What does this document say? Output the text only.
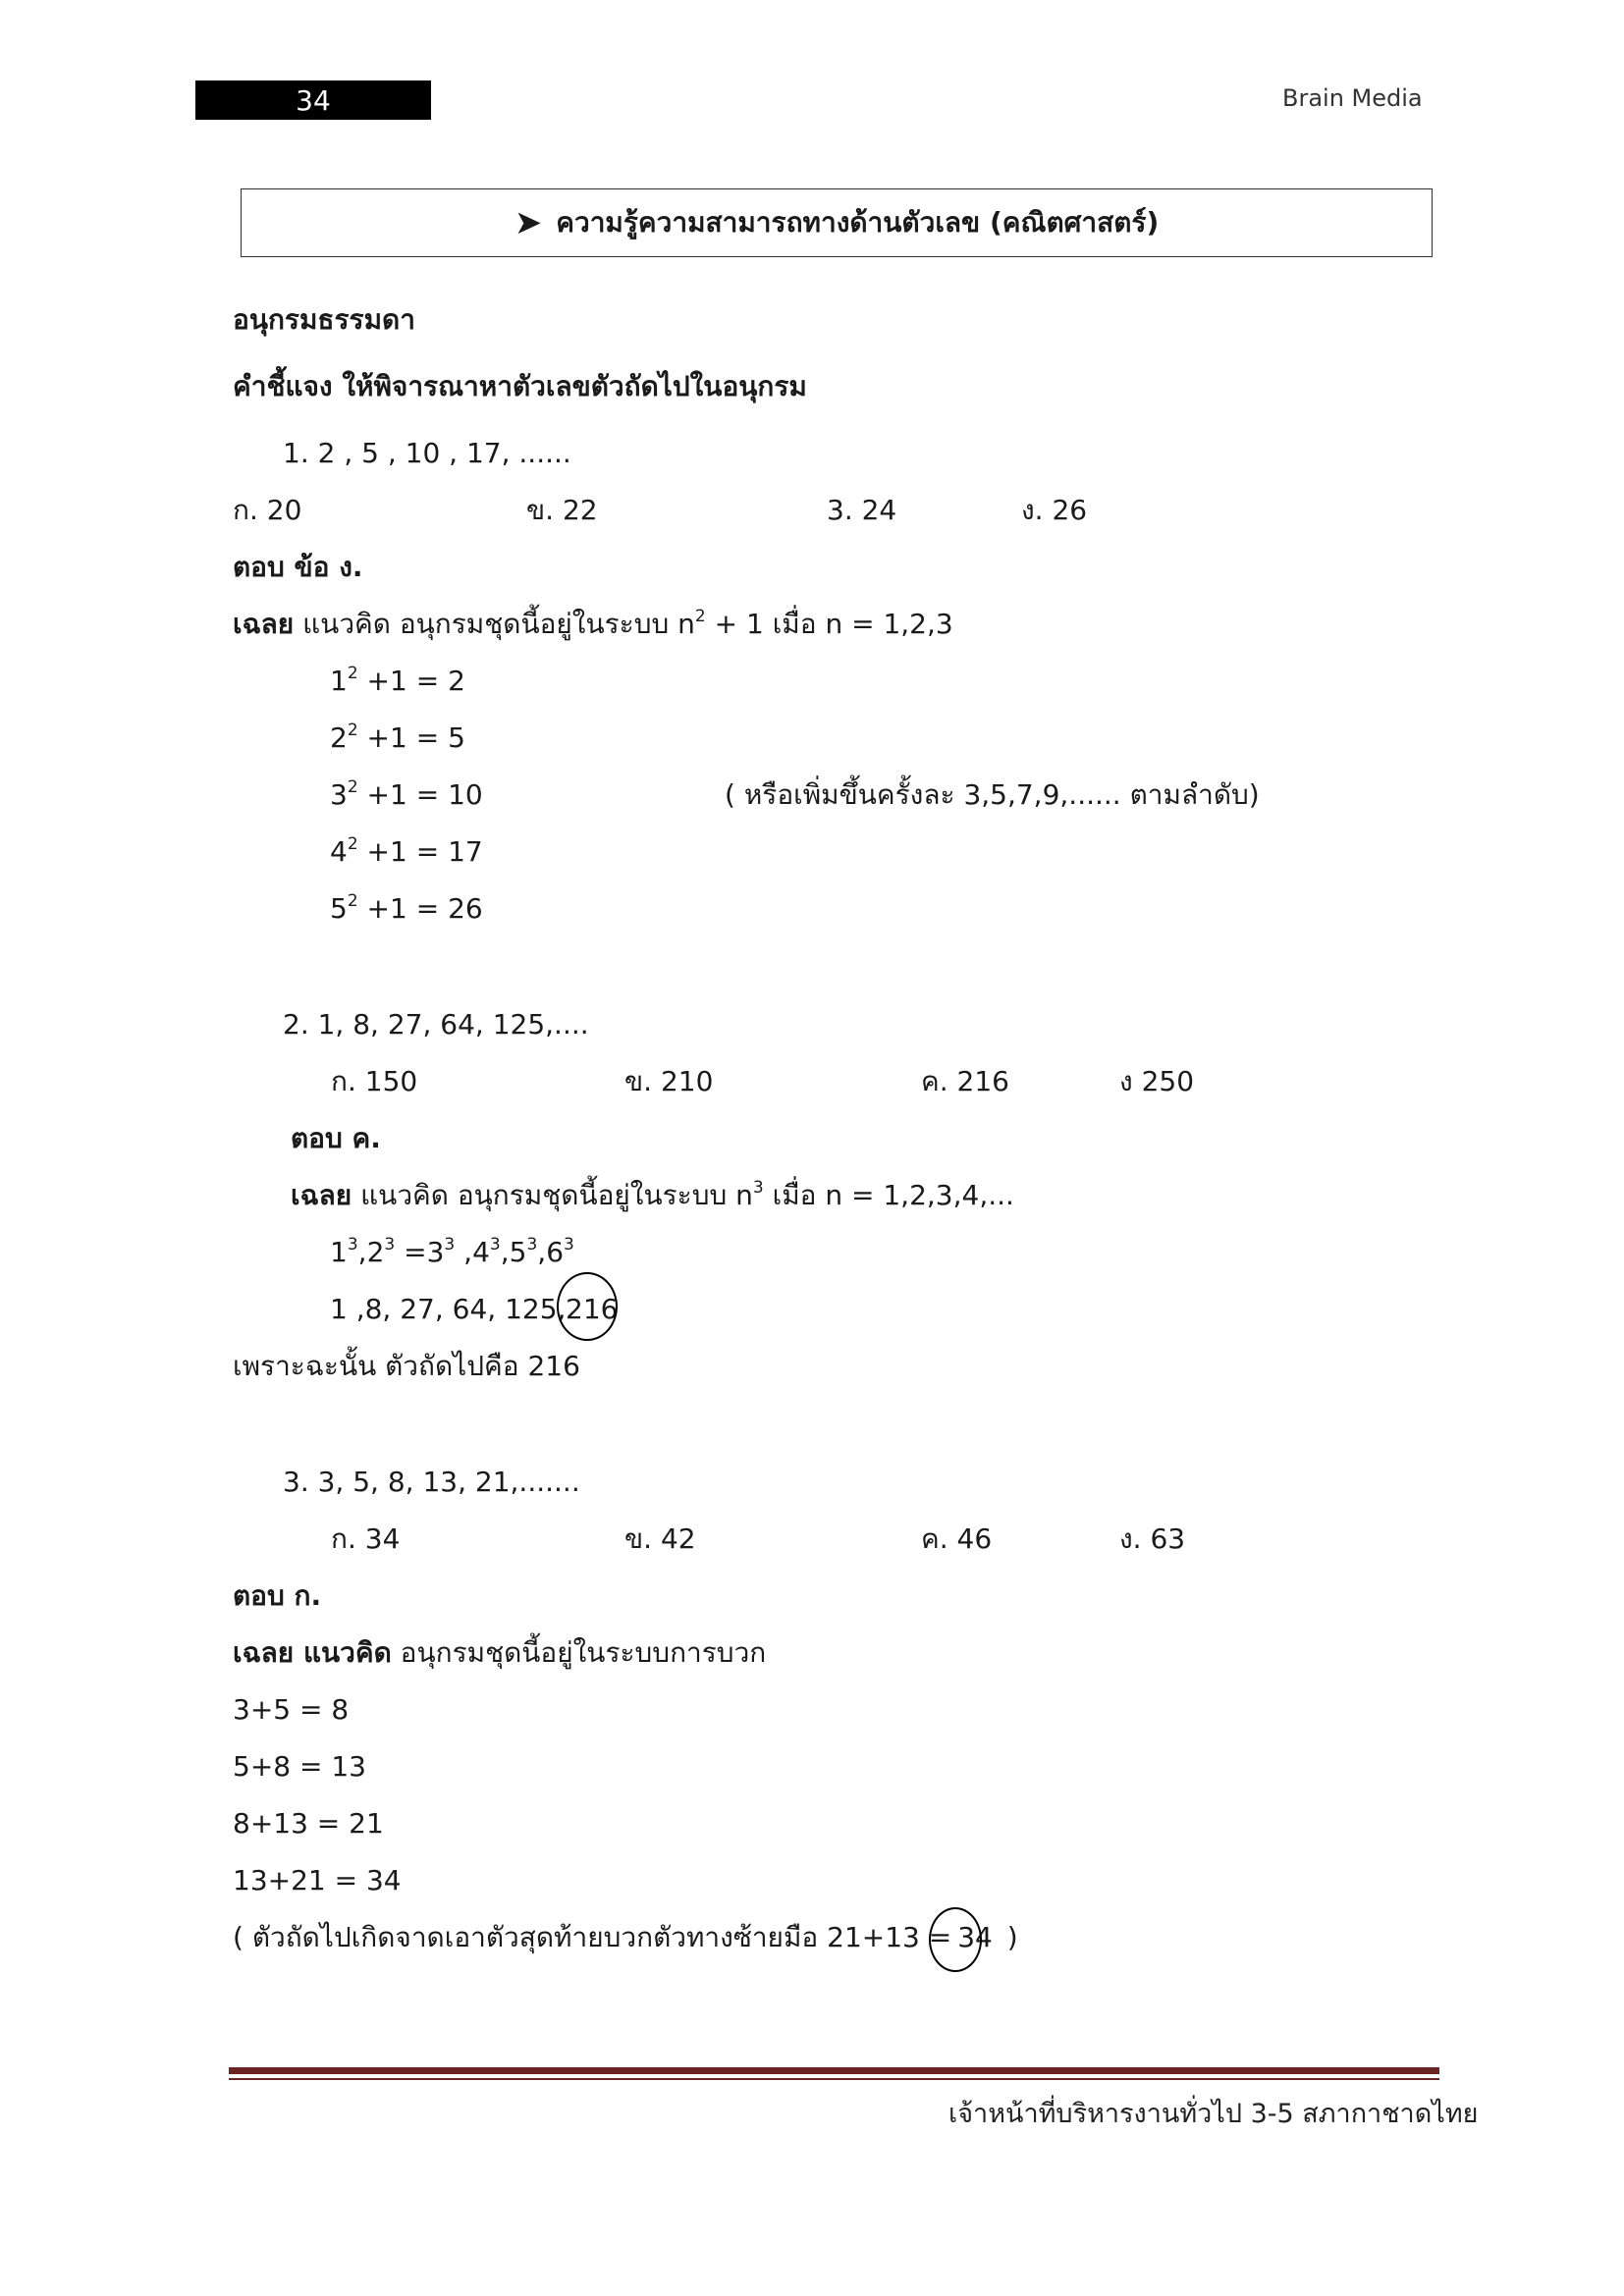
34	Brain Media
➤ ความรู้ความสามารถทางด้านตัวเลข (คณิตศาสตร์)
อนุกรมธรรมดา
คำชี้แจง ให้พิจารณาหาตัวเลขตัวถัดไปในอนุกรม
1. 2 , 5 , 10 , 17, ......
ก. 20	ข. 22	3. 24	ง. 26
ตอบ ข้อ ง.
เฉลย แนวคิด อนุกรมชุดนี้อยู่ในระบบ $n^2 + 1$ เมื่อ n = 1,2,3
$1^2 +1 = 2$
$2^2 +1 = 5$
$3^2 +1 = 10$	( หรือเพิ่มขึ้นครั้งละ 3,5,7,9,...... ตามลำดับ)
$4^2 +1 = 17$
$5^2 +1 = 26$
2. 1, 8, 27, 64, 125,....
ก. 150	ข. 210	ค. 216	ง 250
ตอบ ค.
เฉลย แนวคิด อนุกรมชุดนี้อยู่ในระบบ $n^3$ เมื่อ n = 1,2,3,4,...
$1^3,2^3 =3^3$ $,4^3,5^3,6^3$
1 ,8, 27, 64, 125, 216
เพราะฉะนั้น ตัวถัดไปคือ 216
3. 3, 5, 8, 13, 21,.......
ก. 34	ข. 42	ค. 46	ง. 63
ตอบ ก.
เฉลย แนวคิด อนุกรมชุดนี้อยู่ในระบบการบวก
3+5 = 8
5+8 = 13
8+13 = 21
13+21 = 34
( ตัวถัดไปเกิดจาดเอาตัวสุดท้ายบวกตัวทางซ้ายมือ 21+13 = 34 )
เจ้าหน้าที่บริหารงานทั่วไป 3-5 สภากาชาดไทย
